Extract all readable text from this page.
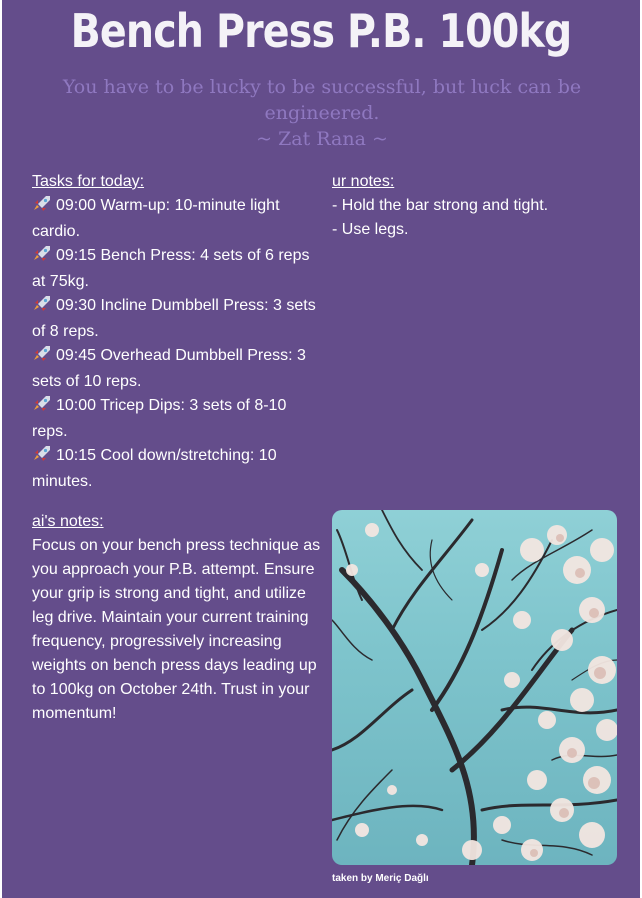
Bench Press P.B. 100kg
You have to be lucky to be successful, but luck can be engineered.
~ Zat Rana ~
Tasks for today:
09:00 Warm-up: 10-minute light cardio.
09:15 Bench Press: 4 sets of 6 reps at 75kg.
09:30 Incline Dumbbell Press: 3 sets of 8 reps.
09:45 Overhead Dumbbell Press: 3 sets of 10 reps.
10:00 Tricep Dips: 3 sets of 8-10 reps.
10:15 Cool down/stretching: 10 minutes.
ur notes:
- Hold the bar strong and tight.
- Use legs.
ai's notes:
Focus on your bench press technique as you approach your P.B. attempt. Ensure your grip is strong and tight, and utilize leg drive. Maintain your current training frequency, progressively increasing weights on bench press days leading up to 100kg on October 24th. Trust in your momentum!
taken by Meriç Dağlı
